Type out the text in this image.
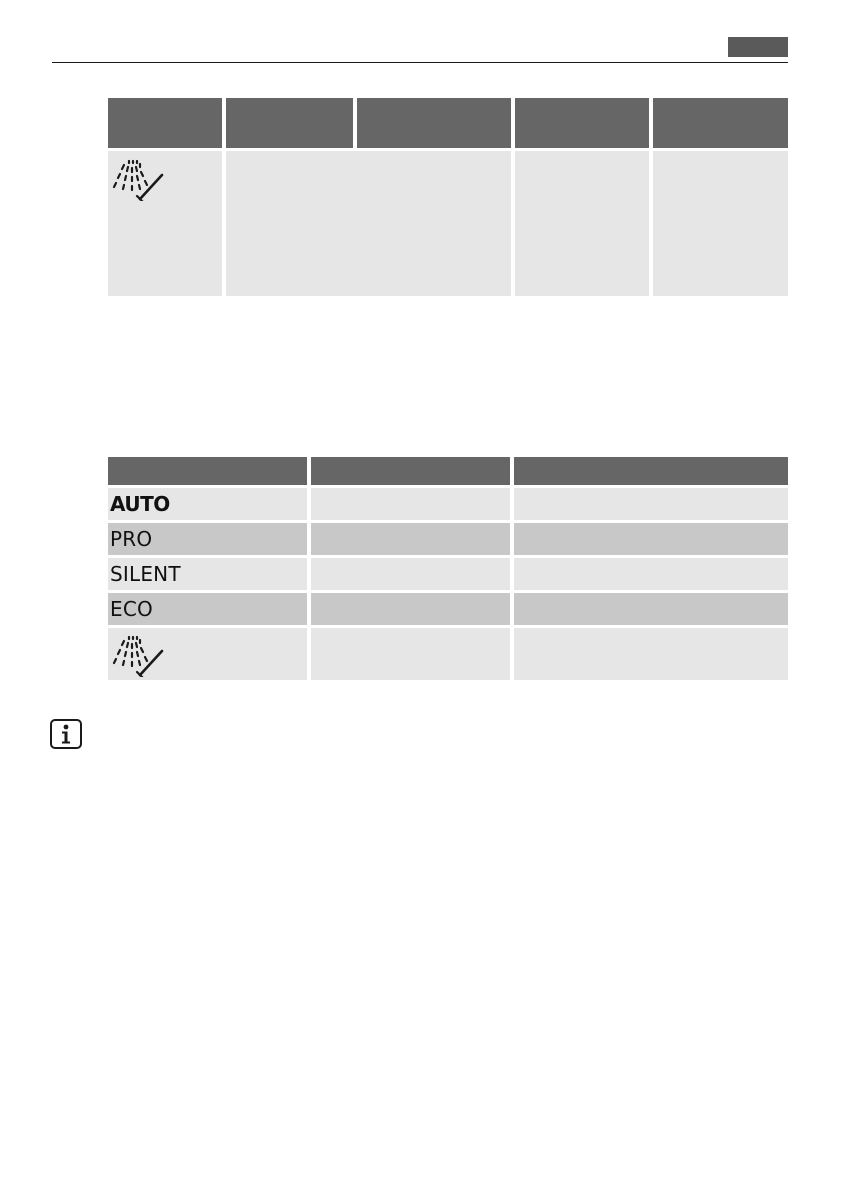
AUTO		
PRO		
SILENT		
ECO		
